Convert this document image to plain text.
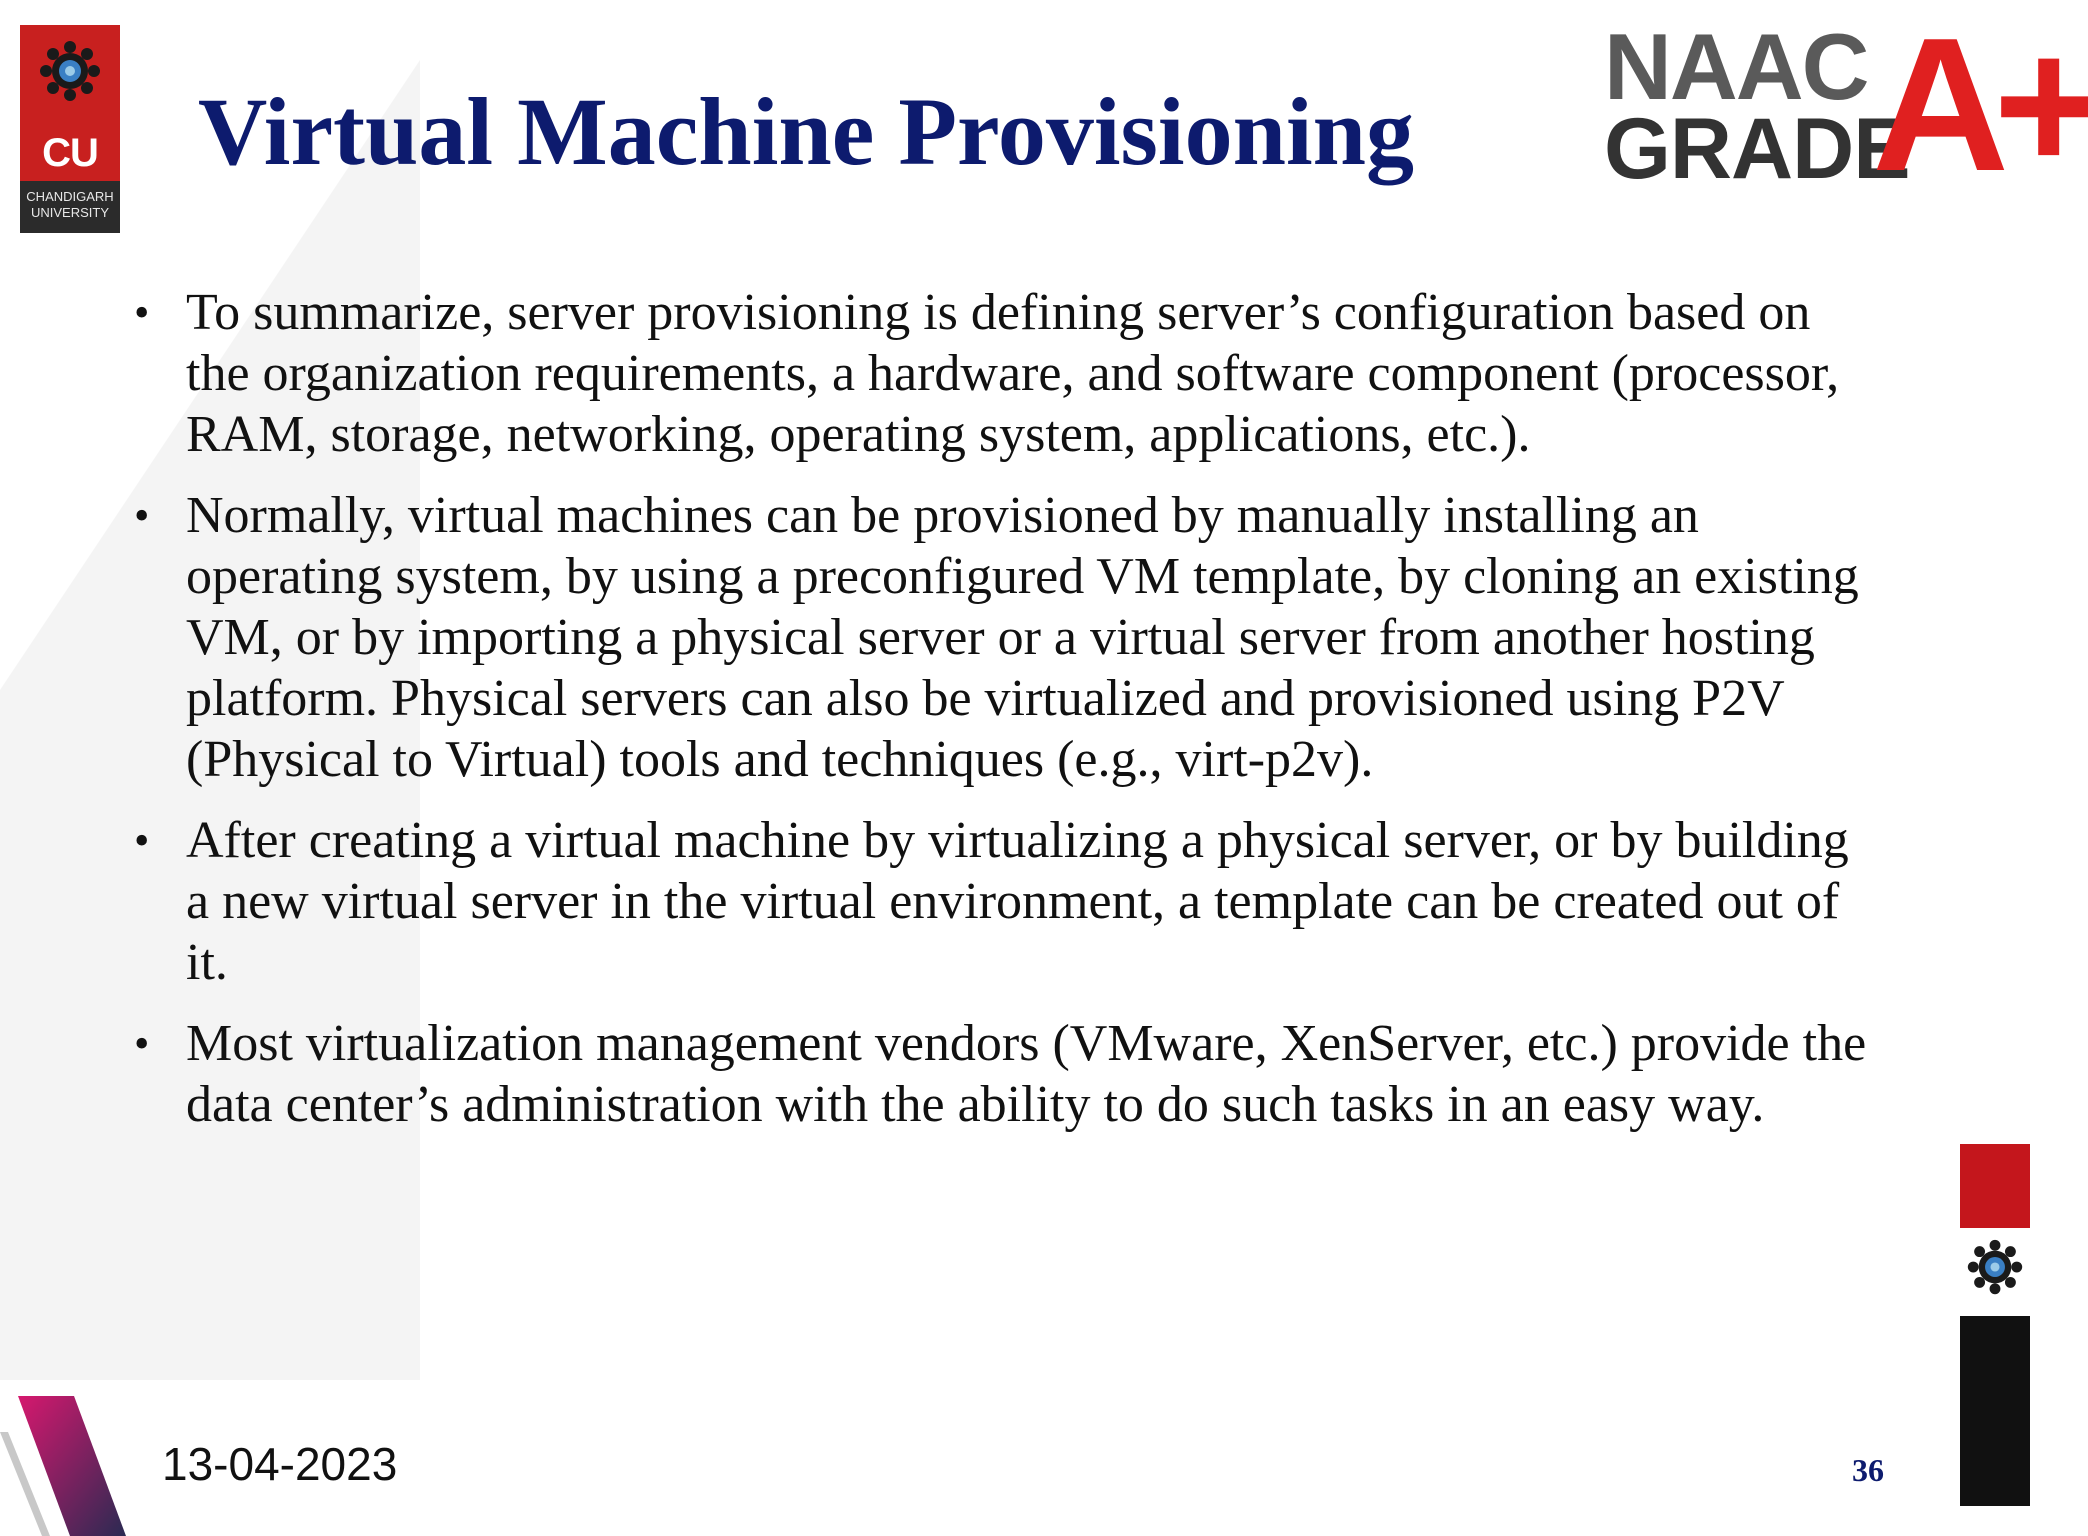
CU
CHANDIGARH
UNIVERSITY
Virtual Machine Provisioning
NAAC
GRADE
A+
• To summarize, server provisioning is defining server’s configuration based on the organization requirements, a hardware, and software component (processor, RAM, storage, networking, operating system, applications, etc.).
• Normally, virtual machines can be provisioned by manually installing an operating system, by using a preconfigured VM template, by cloning an existing VM, or by importing a physical server or a virtual server from another hosting platform. Physical servers can also be virtualized and provisioned using P2V (Physical to Virtual) tools and techniques (e.g., virt-p2v).
• After creating a virtual machine by virtualizing a physical server, or by building a new virtual server in the virtual environment, a template can be created out of it.
• Most virtualization management vendors (VMware, XenServer, etc.) provide the data center’s administration with the ability to do such tasks in an easy way.
13-04-2023	36
